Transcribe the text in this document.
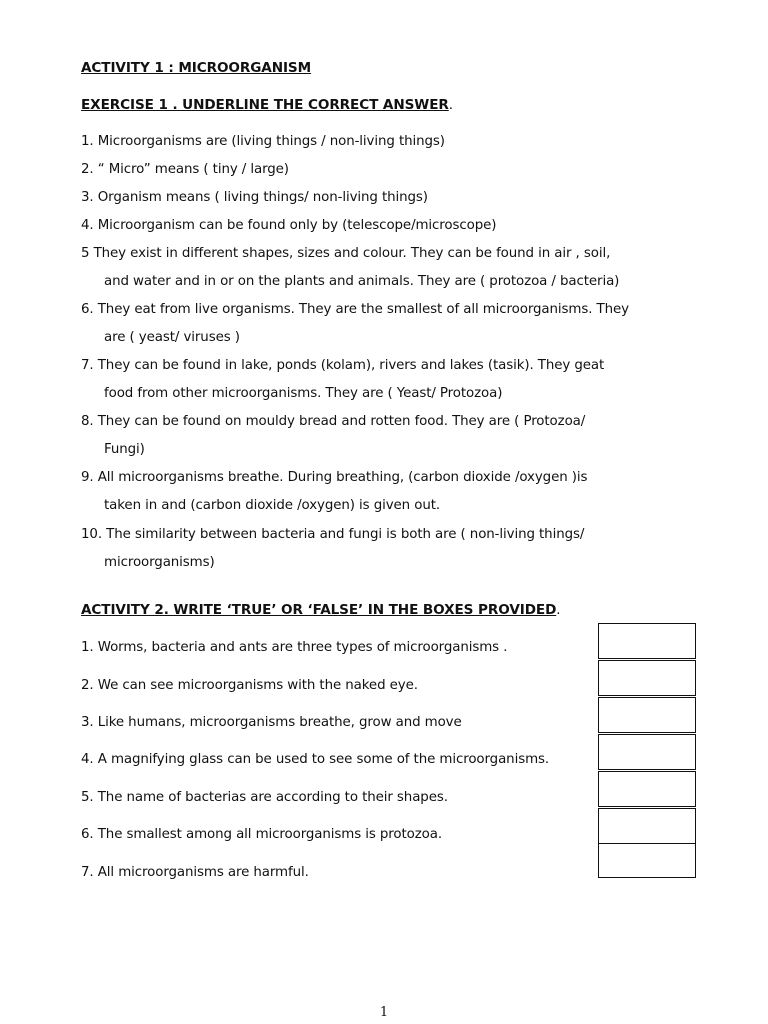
ACTIVITY 1 : MICROORGANISM
EXERCISE 1 . UNDERLINE THE CORRECT ANSWER.
1. Microorganisms are (living things / non-living things)
2. “ Micro” means ( tiny / large)
3. Organism means ( living things/ non-living things)
4. Microorganism can be found only by (telescope/microscope)
5 They exist in different shapes, sizes and colour. They can be found in air , soil,
and water and in or on the plants and animals. They are ( protozoa / bacteria)
6. They eat from live organisms. They are the smallest of all microorganisms. They
are ( yeast/ viruses )
7. They can be found in lake, ponds (kolam), rivers and lakes (tasik). They geat
food from other microorganisms. They are ( Yeast/ Protozoa)
8. They can be found on mouldy bread and rotten food. They are ( Protozoa/
Fungi)
9. All microorganisms breathe. During breathing, (carbon dioxide /oxygen )is
taken in and (carbon dioxide /oxygen) is given out.
10. The similarity between bacteria and fungi is both are ( non-living things/
microorganisms)
ACTIVITY 2. WRITE ‘TRUE’ OR ‘FALSE’ IN THE BOXES PROVIDED.
1. Worms, bacteria and ants are three types of microorganisms .
2. We can see microorganisms with the naked eye.
3. Like humans, microorganisms breathe, grow and move
4. A magnifying glass can be used to see some of the microorganisms.
5. The name of bacterias are according to their shapes.
6. The smallest among all microorganisms is protozoa.
7. All microorganisms are harmful.
1
